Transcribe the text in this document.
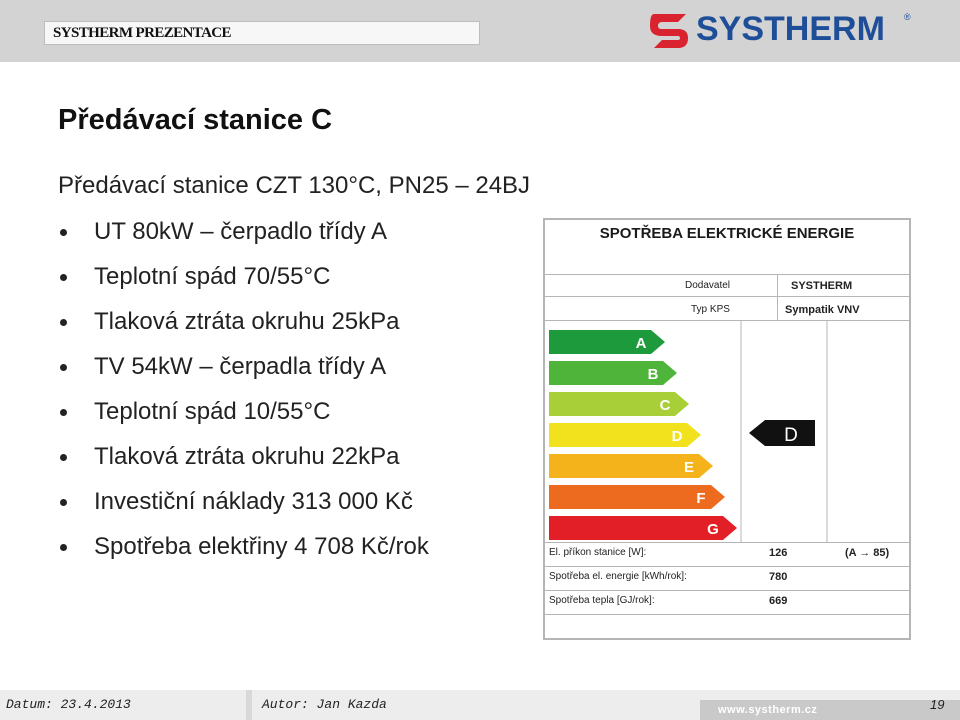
SYSTHERM PREZENTACE	SYSTHERM ®
Předávací stanice C
Předávací stanice CZT 130°C, PN25 – 24BJ
UT 80kW – čerpadlo třídy A
Teplotní spád 70/55°C
Tlaková ztráta okruhu 25kPa
TV 54kW – čerpadla třídy A
Teplotní spád 10/55°C
Tlaková ztráta okruhu 22kPa
Investiční náklady 313 000 Kč
Spotřeba elektřiny 4 708 Kč/rok
SPOTŘEBA ELEKTRICKÉ ENERGIE
Dodavatel	SYSTHERM
Typ KPS	Sympatik VNV
A
B
C
D
E
F
G
D
El. příkon stanice [W]:	126	(A → 85)
Spotřeba el. energie [kWh/rok]:	780
Spotřeba tepla [GJ/rok]:	669
Datum: 23.4.2013	Autor: Jan Kazda	www.systherm.cz	19
